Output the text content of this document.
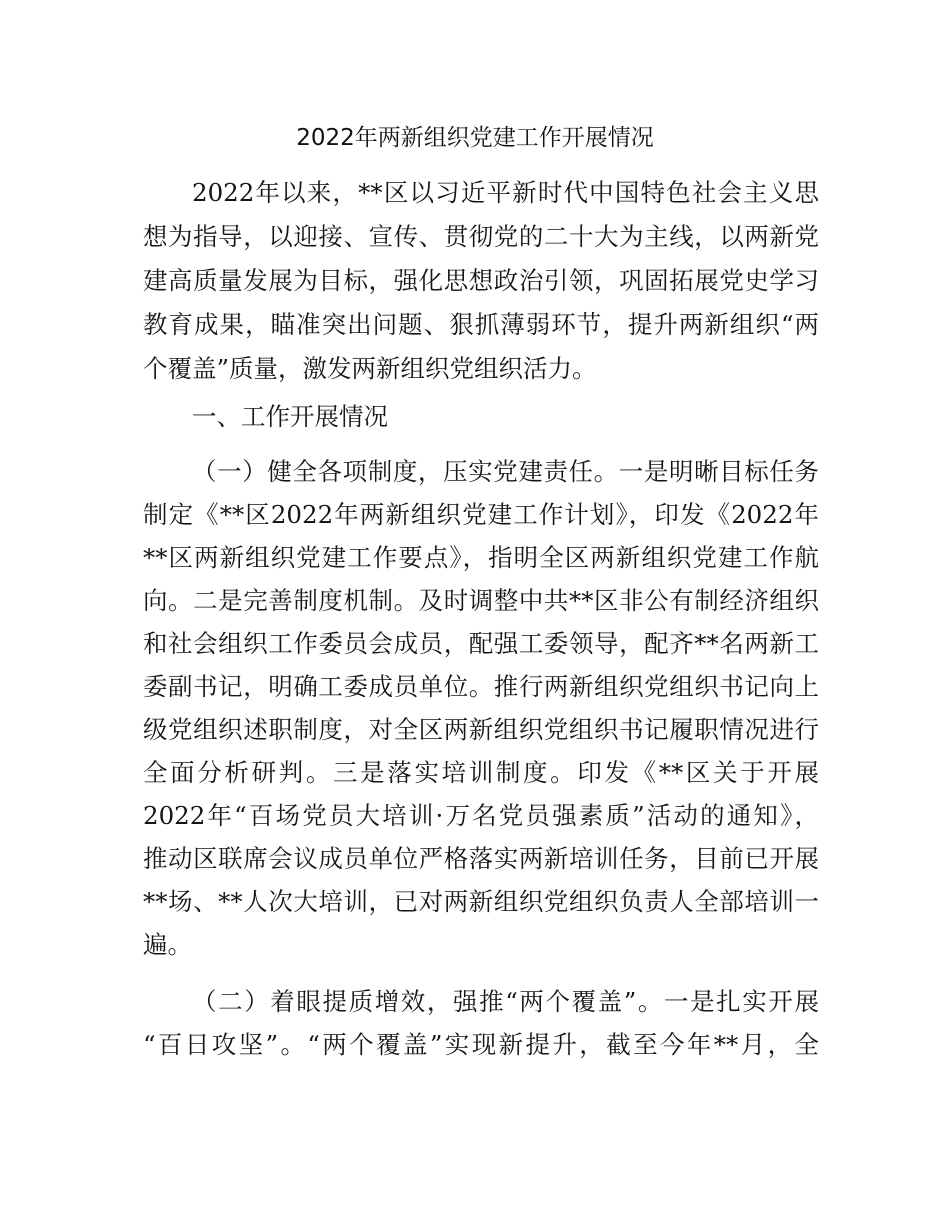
2022年两新组织党建工作开展情况
2022年以来，**区以习近平新时代中国特色社会主义思
想为指导，以迎接、宣传、贯彻党的二十大为主线，以两新党
建高质量发展为目标，强化思想政治引领，巩固拓展党史学习
教育成果，瞄准突出问题、狠抓薄弱环节，提升两新组织“两
个覆盖”质量，激发两新组织党组织活力。
一、工作开展情况
（一）健全各项制度，压实党建责任。一是明晰目标任务
制定《**区2022年两新组织党建工作计划》，印发《2022年
**区两新组织党建工作要点》，指明全区两新组织党建工作航
向。二是完善制度机制。及时调整中共**区非公有制经济组织
和社会组织工作委员会成员，配强工委领导，配齐**名两新工
委副书记，明确工委成员单位。推行两新组织党组织书记向上
级党组织述职制度，对全区两新组织党组织书记履职情况进行
全面分析研判。三是落实培训制度。印发《**区关于开展
2022年“百场党员大培训·万名党员强素质”活动的通知》，
推动区联席会议成员单位严格落实两新培训任务，目前已开展
**场、**人次大培训，已对两新组织党组织负责人全部培训一
遍。
（二）着眼提质增效，强推“两个覆盖”。一是扎实开展
“百日攻坚”。“两个覆盖”实现新提升，截至今年**月，全
